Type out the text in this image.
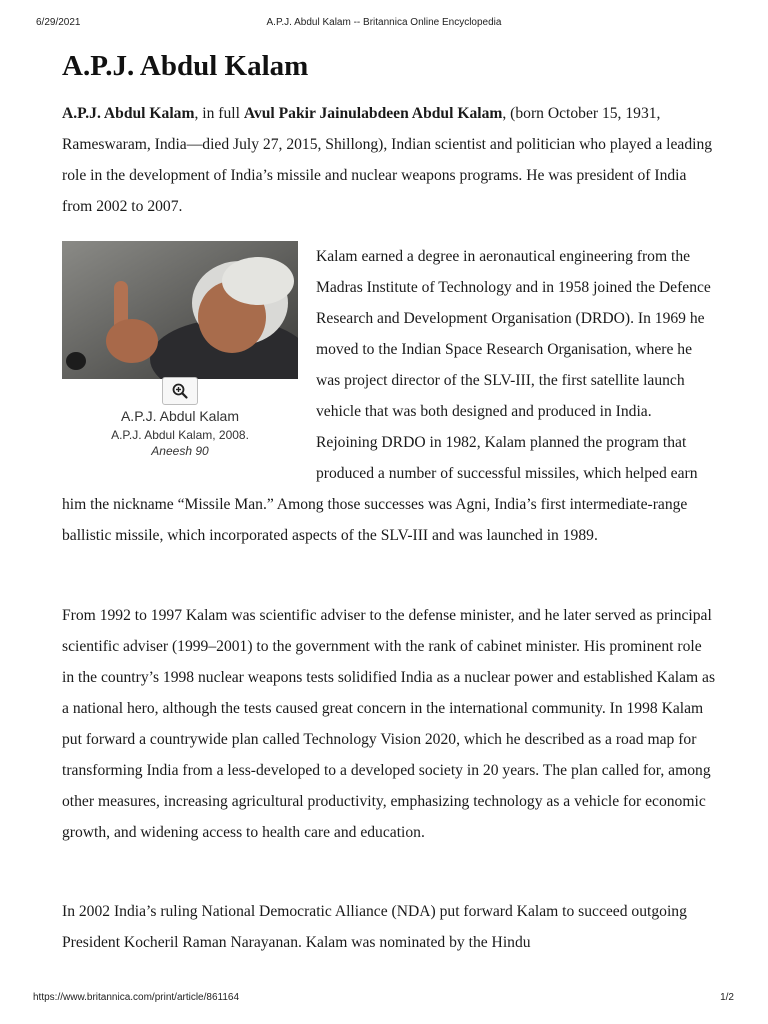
6/29/2021	A.P.J. Abdul Kalam -- Britannica Online Encyclopedia
A.P.J. Abdul Kalam

A.P.J. Abdul Kalam, in full Avul Pakir Jainulabdeen Abdul Kalam, (born October 15, 1931, Rameswaram, India—died July 27, 2015, Shillong), Indian scientist and politician who played a leading role in the development of India’s missile and nuclear weapons programs. He was president of India from 2002 to 2007.

A.P.J. Abdul Kalam
A.P.J. Abdul Kalam, 2008.
Aneesh 90

Kalam earned a degree in aeronautical engineering from the Madras Institute of Technology and in 1958 joined the Defence Research and Development Organisation (DRDO). In 1969 he moved to the Indian Space Research Organisation, where he was project director of the SLV-III, the first satellite launch vehicle that was both designed and produced in India. Rejoining DRDO in 1982, Kalam planned the program that produced a number of successful missiles, which helped earn him the nickname “Missile Man.” Among those successes was Agni, India’s first intermediate-range ballistic missile, which incorporated aspects of the SLV-III and was launched in 1989.

From 1992 to 1997 Kalam was scientific adviser to the defense minister, and he later served as principal scientific adviser (1999–2001) to the government with the rank of cabinet minister. His prominent role in the country’s 1998 nuclear weapons tests solidified India as a nuclear power and established Kalam as a national hero, although the tests caused great concern in the international community. In 1998 Kalam put forward a countrywide plan called Technology Vision 2020, which he described as a road map for transforming India from a less-developed to a developed society in 20 years. The plan called for, among other measures, increasing agricultural productivity, emphasizing technology as a vehicle for economic growth, and widening access to health care and education.

In 2002 India’s ruling National Democratic Alliance (NDA) put forward Kalam to succeed outgoing President Kocheril Raman Narayanan. Kalam was nominated by the Hindu

https://www.britannica.com/print/article/861164	1/2
